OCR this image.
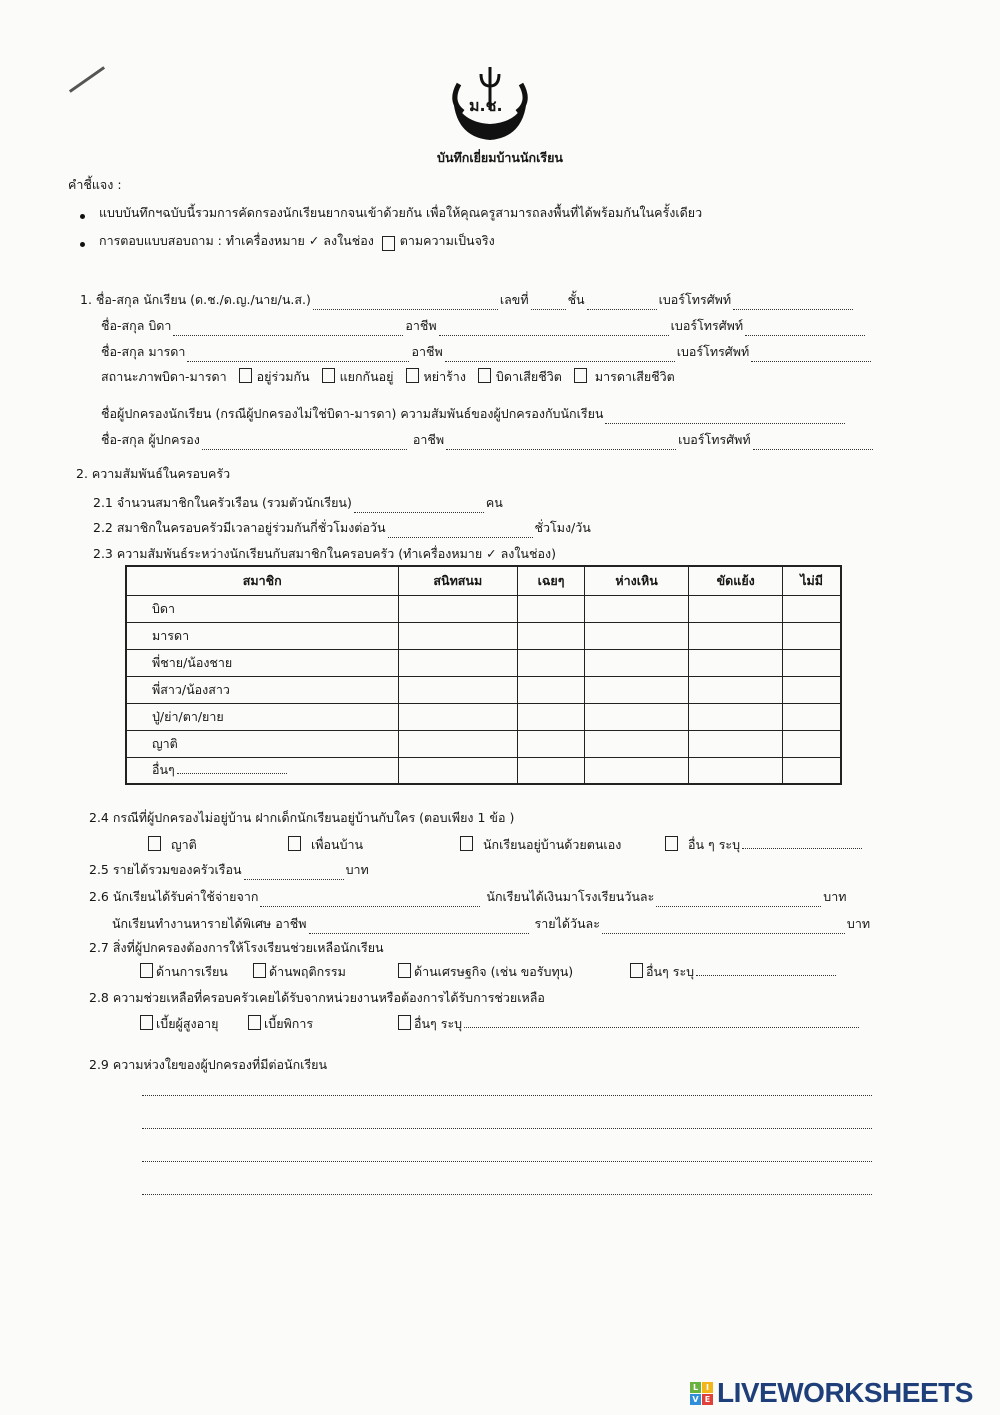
ม.ช.
บันทึกเยี่ยมบ้านนักเรียน
คำชี้แจง :
แบบบันทึกฯฉบับนี้รวมการคัดกรองนักเรียนยากจนเข้าด้วยกัน เพื่อให้คุณครูสามารถลงพื้นที่ได้พร้อมกันในครั้งเดียว
การตอบแบบสอบถาม : ทำเครื่องหมาย ✓ ลงในช่อง
ตามความเป็นจริง
1. ชื่อ-สกุล นักเรียน (ด.ช./ด.ญ./นาย/น.ส.)	เลขที่	ชั้น	เบอร์โทรศัพท์
ชื่อ-สกุล บิดา	อาชีพ	เบอร์โทรศัพท์
ชื่อ-สกุล มารดา	อาชีพ	เบอร์โทรศัพท์
สถานะภาพบิดา-มารดา	อยู่ร่วมกัน	แยกกันอยู่	หย่าร้าง	บิดาเสียชีวิต	มารดาเสียชีวิต
ชื่อผู้ปกครองนักเรียน (กรณีผู้ปกครองไม่ใช่บิดา-มารดา) ความสัมพันธ์ของผู้ปกครองกับนักเรียน
ชื่อ-สกุล ผู้ปกครอง
	อาชีพ	เบอร์โทรศัพท์
2. ความสัมพันธ์ในครอบครัว
2.1 จำนวนสมาชิกในครัวเรือน (รวมตัวนักเรียน)	คน
2.2 สมาชิกในครอบครัวมีเวลาอยู่ร่วมกันกี่ชั่วโมงต่อวัน	ชั่วโมง/วัน
2.3 ความสัมพันธ์ระหว่างนักเรียนกับสมาชิกในครอบครัว (ทำเครื่องหมาย ✓ ลงในช่อง)
สมาชิก	สนิทสนม	เฉยๆ	ห่างเหิน	ขัดแย้ง	ไม่มี
บิดา					
มารดา					
พี่ชาย/น้องชาย					
พี่สาว/น้องสาว					
ปู่/ย่า/ตา/ยาย					
ญาติ					
อื่นๆ					
2.4 กรณีที่ผู้ปกครองไม่อยู่บ้าน ฝากเด็กนักเรียนอยู่บ้านกับใคร (ตอบเพียง 1 ข้อ )
ญาติ	เพื่อนบ้าน	นักเรียนอยู่บ้านด้วยตนเอง	อื่น ๆ ระบุ
2.5 รายได้รวมของครัวเรือน	บาท
2.6 นักเรียนได้รับค่าใช้จ่ายจาก
	นักเรียนได้เงินมาโรงเรียนวันละ	บาท
นักเรียนทำงานหารายได้พิเศษ อาชีพ
	รายได้วันละ	บาท
2.7 สิ่งที่ผู้ปกครองต้องการให้โรงเรียนช่วยเหลือนักเรียน
ด้านการเรียน	ด้านพฤติกรรม	ด้านเศรษฐกิจ (เช่น ขอรับทุน)	อื่นๆ ระบุ
2.8 ความช่วยเหลือที่ครอบครัวเคยได้รับจากหน่วยงานหรือต้องการได้รับการช่วยเหลือ
เบี้ยผู้สูงอายุ	เบี้ยพิการ	อื่นๆ ระบุ
2.9 ความห่วงใยของผู้ปกครองที่มีต่อนักเรียน
L I
V E LIVEWORKSHEETS
